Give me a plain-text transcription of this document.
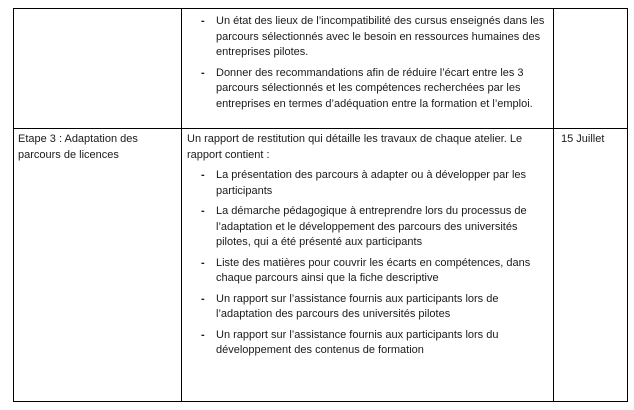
- Un état des lieux de l’incompatibilité des cursus enseignés dans les parcours sélectionnés avec le besoin en ressources humaines des entreprises pilotes.
- Donner des recommandations afin de réduire l’écart entre les 3 parcours sélectionnés et les compétences recherchées par les entreprises en termes d’adéquation entre la formation et l’emploi.
Etape 3 : Adaptation des parcours de licences

Un rapport de restitution qui détaille les travaux de chaque atelier. Le rapport contient :

- La présentation des parcours à adapter ou à développer par les participants
- La démarche pédagogique à entreprendre lors du processus de l’adaptation et le développement des parcours des universités pilotes, qui a été présenté aux participants
- Liste des matières pour couvrir les écarts en compétences, dans chaque parcours ainsi que la fiche descriptive
- Un rapport sur l’assistance fournis aux participants lors de l’adaptation des parcours des universités pilotes
- Un rapport sur l’assistance fournis aux participants lors du développement des contenus de formation
15 Juillet
